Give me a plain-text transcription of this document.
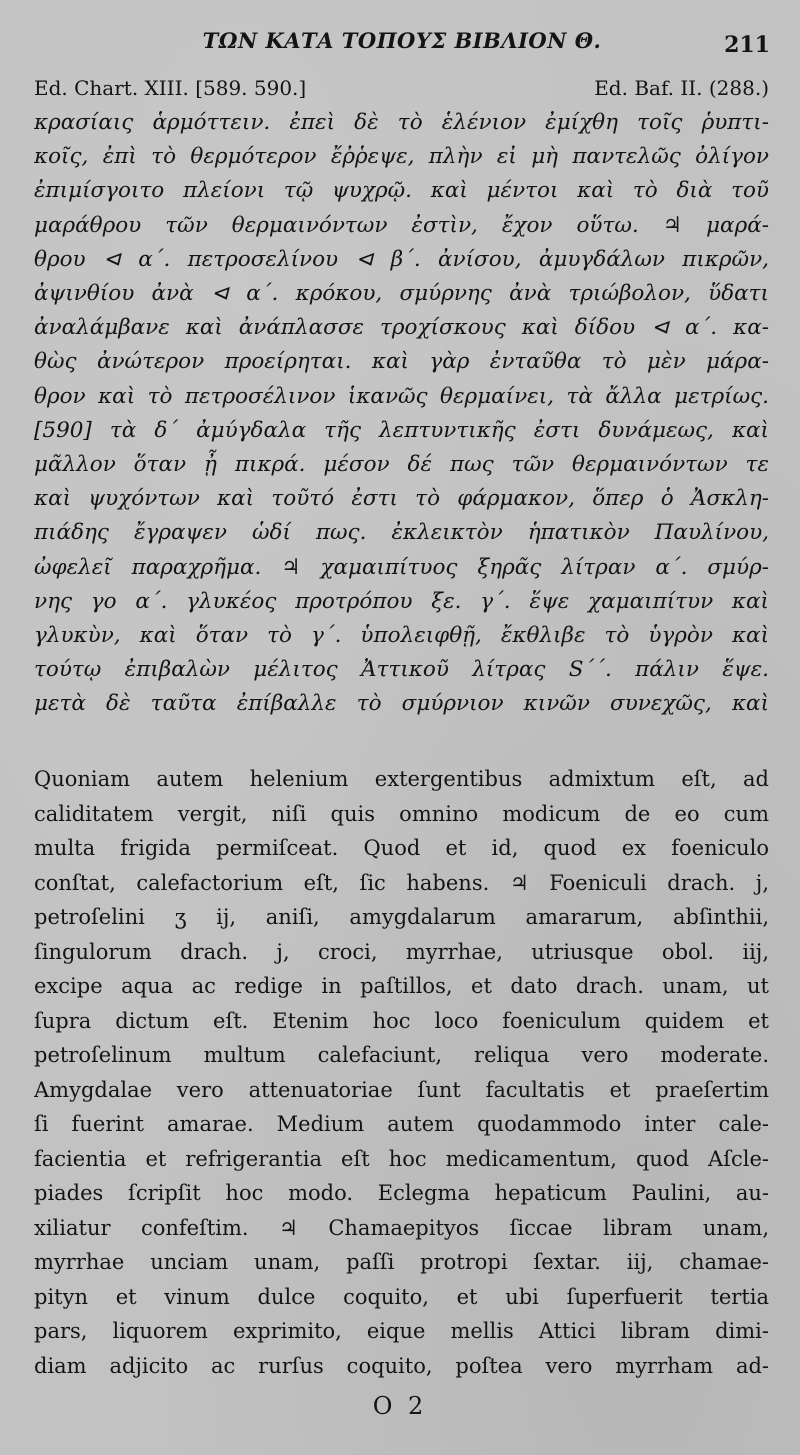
ΤΩΝ ΚΑΤΑ ΤΟΠΟΥΣ ΒΙΒΛΙΟΝ Θ.	211
Ed. Chart. XIII. [589. 590.]	Ed. Baf. II. (288.)
κρασίαις ἁρμόττειν. ἐπεὶ δὲ τὸ ἑλένιον ἐμίχθη τοῖς ῥυπτι-
κοῖς, ἐπὶ τὸ θερμότερον ἔῤῥεψε, πλὴν εἰ μὴ παντελῶς ὀλίγον
ἐπιμίσγοιτο πλείονι τῷ ψυχρῷ. καὶ μέντοι καὶ τὸ διὰ τοῦ
μαράθρου τῶν θερμαινόντων ἐστὶν, ἔχον οὕτω. ♃ μαρά-
θρου ⊲ α΄. πετροσελίνου ⊲ β΄. ἀνίσου, ἀμυγδάλων πικρῶν,
ἀψινθίου ἀνὰ ⊲ α΄. κρόκου, σμύρνης ἀνὰ τριώβολον, ὕδατι
ἀναλάμβανε καὶ ἀνάπλασσε τροχίσκους καὶ δίδου ⊲ α΄. κα-
θὼς ἀνώτερον προείρηται. καὶ γὰρ ἐνταῦθα τὸ μὲν μάρα-
θρον καὶ τὸ πετροσέλινον ἱκανῶς θερμαίνει, τὰ ἄλλα μετρίως.
[590] τὰ δ΄ ἀμύγδαλα τῆς λεπτυντικῆς ἐστι δυνάμεως, καὶ
μᾶλλον ὅταν ᾖ πικρά. μέσον δέ πως τῶν θερμαινόντων τε
καὶ ψυχόντων καὶ τοῦτό ἐστι τὸ φάρμακον, ὅπερ ὁ Ἀσκλη-
πιάδης ἔγραψεν ὡδί πως. ἐκλεικτὸν ἡπατικὸν Παυλίνου,
ὠφελεῖ παραχρῆμα. ♃ χαμαιπίτυος ξηρᾶς λίτραν α΄. σμύρ-
νης γο α΄. γλυκέος προτρόπου ξε. γ΄. ἕψε χαμαιπίτυν καὶ
γλυκὺν, καὶ ὅταν τὸ γ΄. ὑπολειφθῇ, ἔκθλιβε τὸ ὑγρὸν καὶ
τούτῳ ἐπιβαλὼν μέλιτος Ἀττικοῦ λίτρας S΄΄. πάλιν ἕψε.
μετὰ δὲ ταῦτα ἐπίβαλλε τὸ σμύρνιον κινῶν συνεχῶς, καὶ
Quoniam autem helenium extergentibus admixtum eſt, ad
caliditatem vergit, niſi quis omnino modicum de eo cum
multa frigida permiſceat. Quod et id, quod ex foeniculo
conſtat, calefactorium eſt, ſic habens. ♃ Foeniculi drach. j,
petroſelini ʒ ij, aniſi, amygdalarum amararum, abſinthii,
ſingulorum drach. j, croci, myrrhae, utriusque obol. iij,
excipe aqua ac redige in paſtillos, et dato drach. unam, ut
ſupra dictum eſt. Etenim hoc loco foeniculum quidem et
petroſelinum multum calefaciunt, reliqua vero moderate.
Amygdalae vero attenuatoriae ſunt facultatis et praeſertim
ſi fuerint amarae. Medium autem quodammodo inter cale-
facientia et refrigerantia eſt hoc medicamentum, quod Aſcle-
piades ſcripſit hoc modo. Eclegma hepaticum Paulini, au-
xiliatur confeſtim. ♃ Chamaepityos ſiccae libram unam,
myrrhae unciam unam, paſſi protropi ſextar. iij, chamae-
pityn et vinum dulce coquito, et ubi ſuperfuerit tertia
pars, liquorem exprimito, eique mellis Attici libram dimi-
diam adjicito ac rurſus coquito, poſtea vero myrrham ad-
O 2
